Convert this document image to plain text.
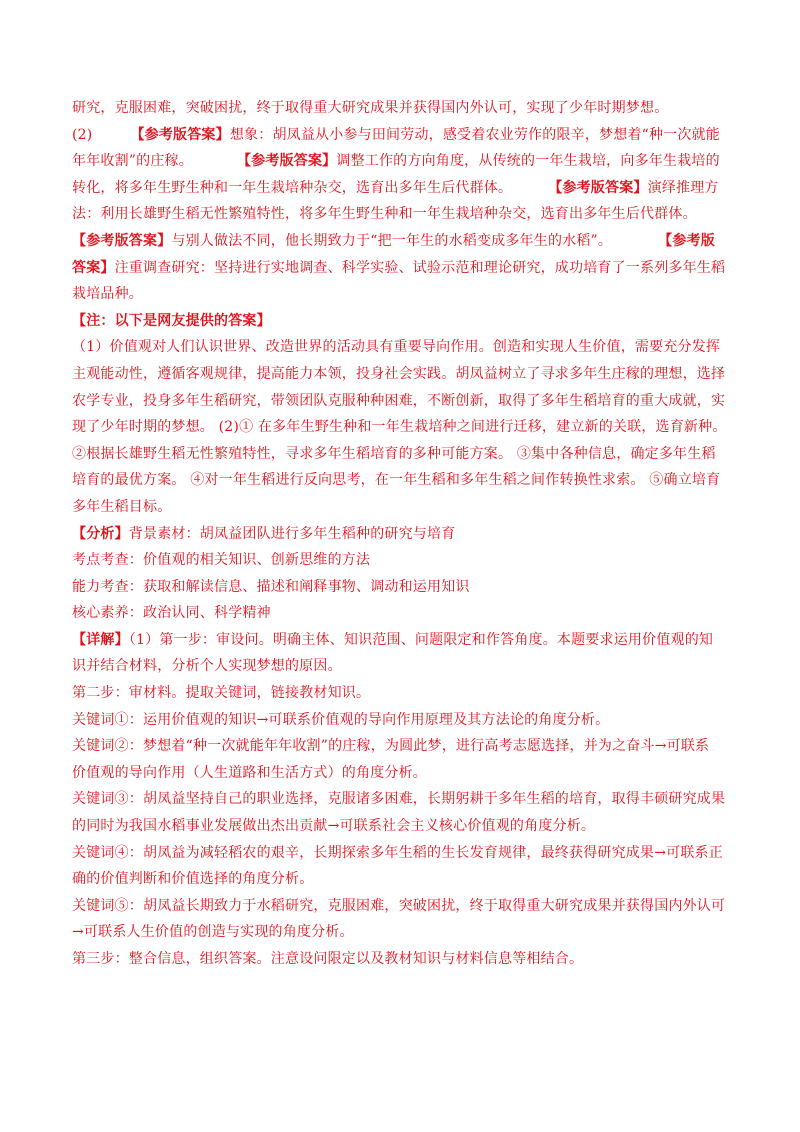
研究，克服困难，突破困扰，终于取得重大研究成果并获得国内外认可，实现了少年时期梦想。
(2)	【参考版答案】想象：胡凤益从小参与田间劳动，感受着农业劳作的限辛，梦想着“种一次就能
年年收割”的庄稼。	【参考版答案】调整工作的方向角度，从传统的一年生栽培，向多年生栽培的
转化，将多年生野生种和一年生栽培种杂交，选育出多年生后代群体。	【参考版答案】演绎推理方
法：利用长雄野生稻无性繁殖特性，将多年生野生种和一年生栽培种杂交，选育出多年生后代群体。
【参考版答案】与别人做法不同，他长期致力于“把一年生的水稻变成多年生的水稻”。	【参考版
答案】注重调查研究：坚持进行实地调查、科学实验、试验示范和理论研究，成功培育了一系列多年生稻
栽培品种。
【注：以下是网友提供的答案】
（1）价值观对人们认识世界、改造世界的活动具有重要导向作用。创造和实现人生价值，需要充分发挥
主观能动性，遵循客观规律，提高能力本领，投身社会实践。胡凤益树立了寻求多年生庄稼的理想，选择
农学专业，投身多年生稻研究，带领团队克服种种困难，不断创新，取得了多年生稻培育的重大成就，实
现了少年时期的梦想。 (2)① 在多年生野生种和一年生栽培种之间进行迁移，建立新的关联，选育新种。
②根据长雄野生稻无性繁殖特性，寻求多年生稻培育的多种可能方案。 ③集中各种信息，确定多年生稻
培育的最优方案。 ④对一年生稻进行反向思考，在一年生稻和多年生稻之间作转换性求索。 ⑤确立培育
多年生稻目标。
【分析】背景素材：胡凤益团队进行多年生稻种的研究与培育
考点考查：价值观的相关知识、创新思维的方法
能力考查：获取和解读信息、描述和阐释事物、调动和运用知识
核心素养：政治认同、科学精神
【详解】（1）第一步：审设问。明确主体、知识范围、问题限定和作答角度。本题要求运用价值观的知
识并结合材料，分析个人实现梦想的原因。
第二步：审材料。提取关键词，链接教材知识。
关键词①：运用价值观的知识→可联系价值观的导向作用原理及其方法论的角度分析。
关键词②：梦想着“种一次就能年年收割”的庄稼，为圆此梦，进行高考志愿选择，并为之奋斗→可联系
价值观的导向作用（人生道路和生活方式）的角度分析。
关键词③：胡凤益坚持自己的职业选择，克服诸多困难，长期躬耕于多年生稻的培育，取得丰硕研究成果
的同时为我国水稻事业发展做出杰出贡献→可联系社会主义核心价值观的角度分析。
关键词④：胡凤益为减轻稻农的艰辛，长期探索多年生稻的生长发育规律，最终获得研究成果→可联系正
确的价值判断和价值选择的角度分析。
关键词⑤：胡凤益长期致力于水稻研究，克服困难，突破困扰，终于取得重大研究成果并获得国内外认可
→可联系人生价值的创造与实现的角度分析。
第三步：整合信息，组织答案。注意设问限定以及教材知识与材料信息等相结合。
